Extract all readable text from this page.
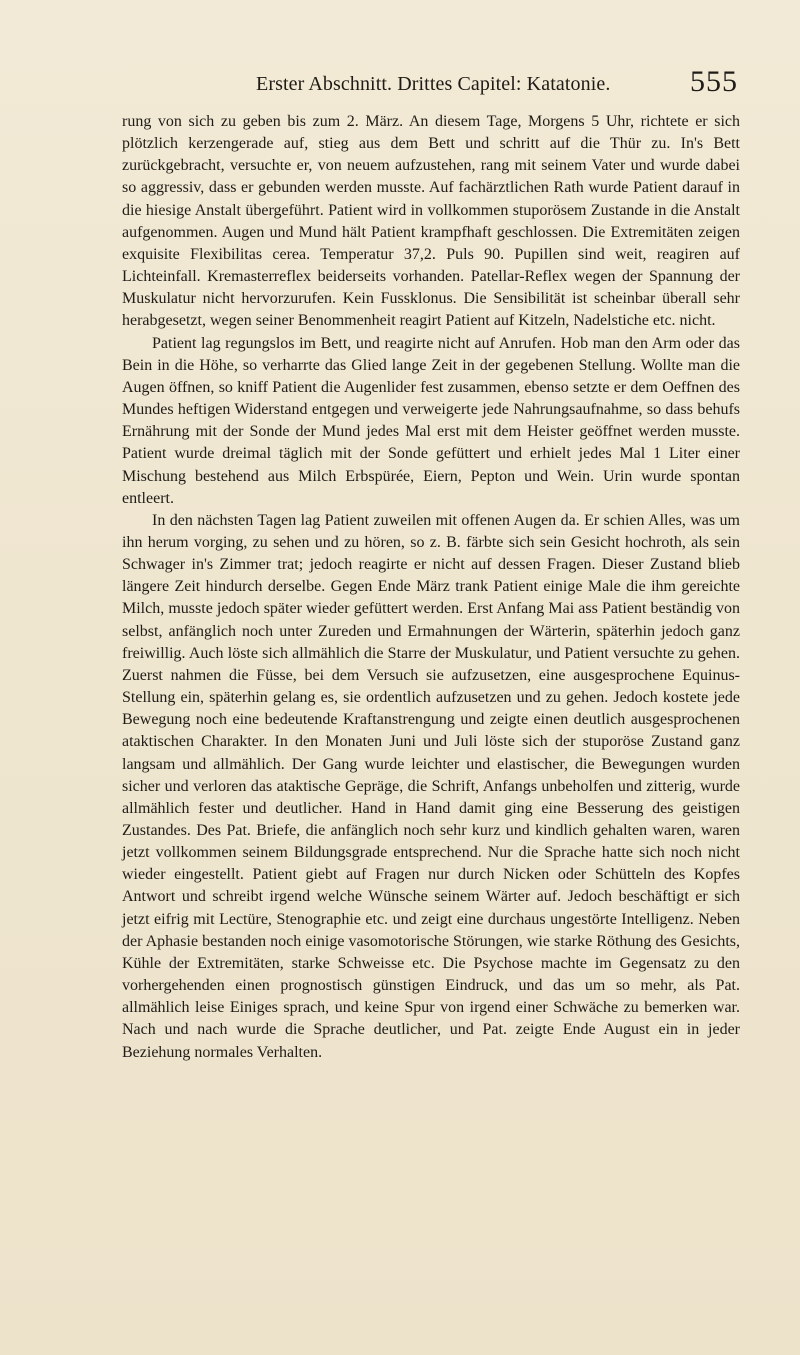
Erster Abschnitt. Drittes Capitel: Katatonie.	555

rung von sich zu geben bis zum 2. März. An diesem Tage, Morgens 5 Uhr, richtete er sich plötzlich kerzengerade auf, stieg aus dem Bett und schritt auf die Thür zu. In's Bett zurückgebracht, versuchte er, von neuem aufzustehen, rang mit seinem Vater und wurde dabei so aggressiv, dass er gebunden werden musste. Auf fachärztlichen Rath wurde Patient darauf in die hiesige Anstalt übergeführt. Patient wird in vollkommen stuporösem Zustande in die Anstalt aufgenommen. Augen und Mund hält Patient krampfhaft geschlossen. Die Extremitäten zeigen exquisite Flexibilitas cerea. Temperatur 37,2. Puls 90. Pupillen sind weit, reagiren auf Lichteinfall. Kremasterreflex beiderseits vorhanden. Patellar-Reflex wegen der Spannung der Muskulatur nicht hervorzurufen. Kein Fussklonus. Die Sensibilität ist scheinbar überall sehr herabgesetzt, wegen seiner Benommenheit reagirt Patient auf Kitzeln, Nadelstiche etc. nicht.

Patient lag regungslos im Bett, und reagirte nicht auf Anrufen. Hob man den Arm oder das Bein in die Höhe, so verharrte das Glied lange Zeit in der gegebenen Stellung. Wollte man die Augen öffnen, so kniff Patient die Augenlider fest zusammen, ebenso setzte er dem Oeffnen des Mundes heftigen Widerstand entgegen und verweigerte jede Nahrungsaufnahme, so dass behufs Ernährung mit der Sonde der Mund jedes Mal erst mit dem Heister geöffnet werden musste. Patient wurde dreimal täglich mit der Sonde gefüttert und erhielt jedes Mal 1 Liter einer Mischung bestehend aus Milch Erbspürée, Eiern, Pepton und Wein. Urin wurde spontan entleert.

In den nächsten Tagen lag Patient zuweilen mit offenen Augen da. Er schien Alles, was um ihn herum vorging, zu sehen und zu hören, so z. B. färbte sich sein Gesicht hochroth, als sein Schwager in's Zimmer trat; jedoch reagirte er nicht auf dessen Fragen. Dieser Zustand blieb längere Zeit hindurch derselbe. Gegen Ende März trank Patient einige Male die ihm gereichte Milch, musste jedoch später wieder gefüttert werden. Erst Anfang Mai ass Patient beständig von selbst, anfänglich noch unter Zureden und Ermahnungen der Wärterin, späterhin jedoch ganz freiwillig. Auch löste sich allmählich die Starre der Muskulatur, und Patient versuchte zu gehen. Zuerst nahmen die Füsse, bei dem Versuch sie aufzusetzen, eine ausgesprochene Equinus-Stellung ein, späterhin gelang es, sie ordentlich aufzusetzen und zu gehen. Jedoch kostete jede Bewegung noch eine bedeutende Kraftanstrengung und zeigte einen deutlich ausgesprochenen ataktischen Charakter. In den Monaten Juni und Juli löste sich der stuporöse Zustand ganz langsam und allmählich. Der Gang wurde leichter und elastischer, die Bewegungen wurden sicher und verloren das ataktische Gepräge, die Schrift, Anfangs unbeholfen und zitterig, wurde allmählich fester und deutlicher. Hand in Hand damit ging eine Besserung des geistigen Zustandes. Des Pat. Briefe, die anfänglich noch sehr kurz und kindlich gehalten waren, waren jetzt vollkommen seinem Bildungsgrade entsprechend. Nur die Sprache hatte sich noch nicht wieder eingestellt. Patient giebt auf Fragen nur durch Nicken oder Schütteln des Kopfes Antwort und schreibt irgend welche Wünsche seinem Wärter auf. Jedoch beschäftigt er sich jetzt eifrig mit Lectüre, Stenographie etc. und zeigt eine durchaus ungestörte Intelligenz. Neben der Aphasie bestanden noch einige vasomotorische Störungen, wie starke Röthung des Gesichts, Kühle der Extremitäten, starke Schweisse etc. Die Psychose machte im Gegensatz zu den vorhergehenden einen prognostisch günstigen Eindruck, und das um so mehr, als Pat. allmählich leise Einiges sprach, und keine Spur von irgend einer Schwäche zu bemerken war. Nach und nach wurde die Sprache deutlicher, und Pat. zeigte Ende August ein in jeder Beziehung normales Verhalten.
